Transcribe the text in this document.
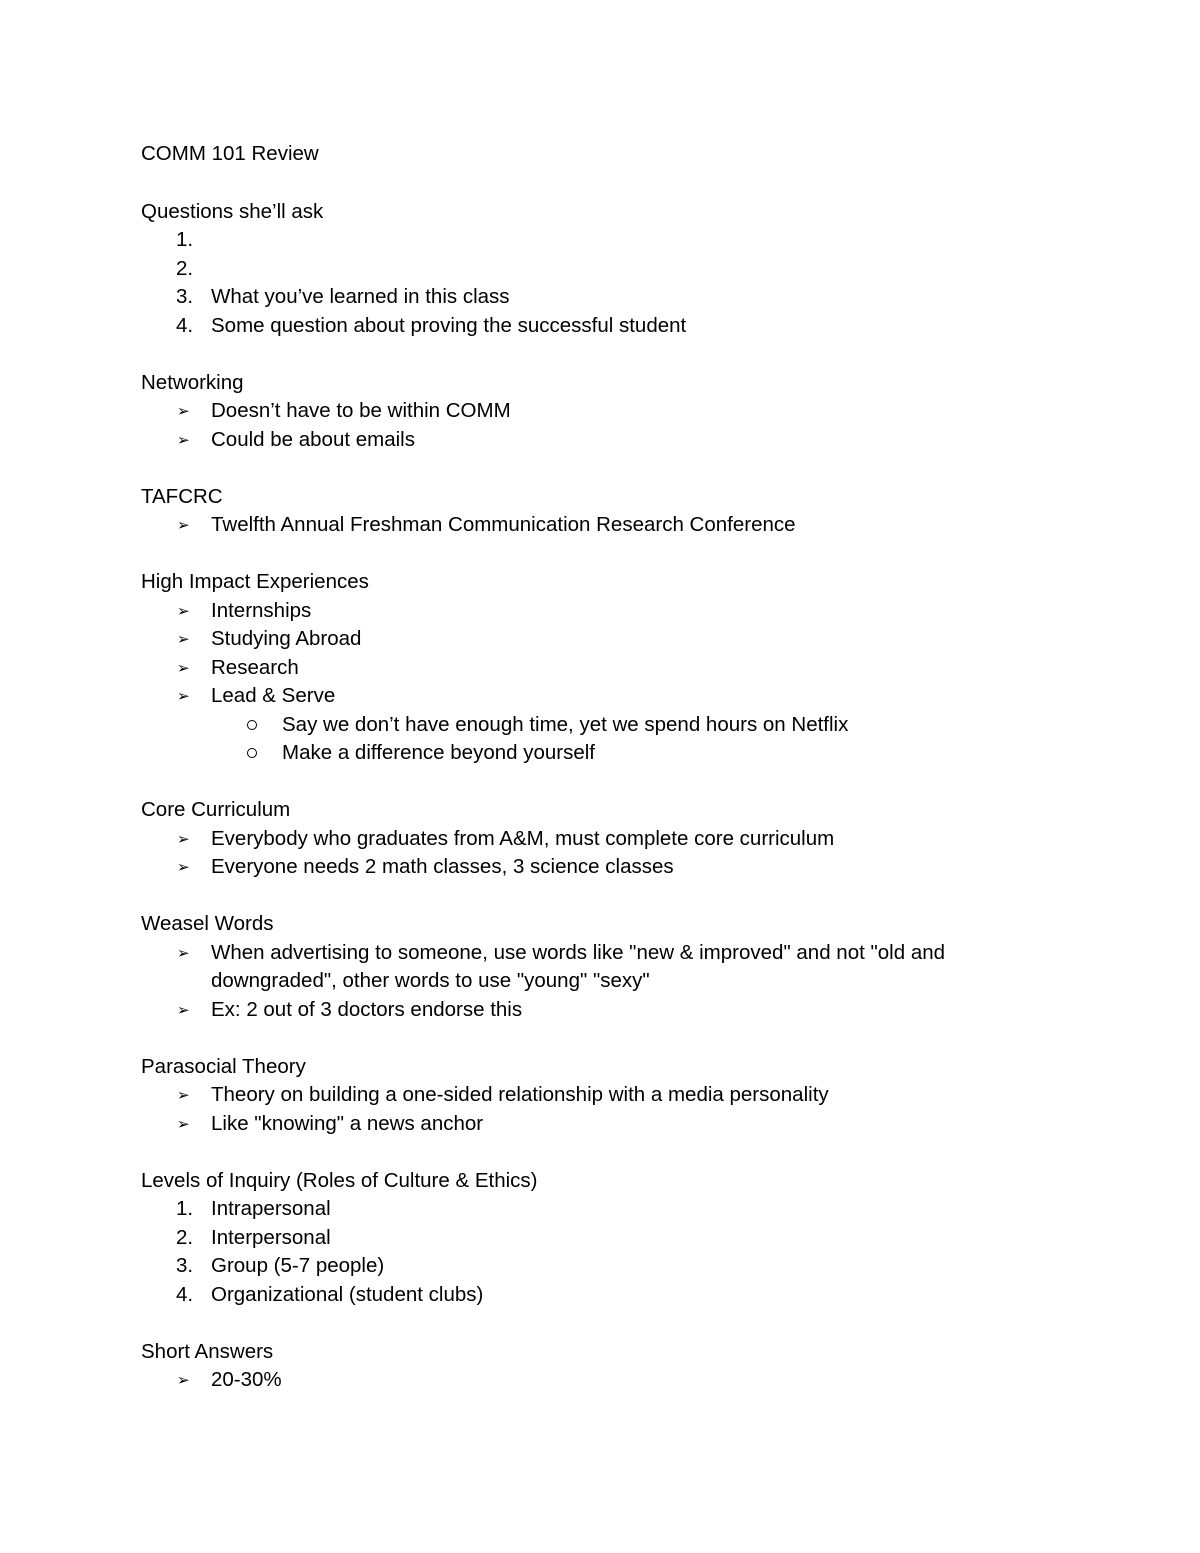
COMM 101 Review

Questions she’ll ask

1.
2.
3. What you’ve learned in this class
4. Some question about proving the successful student

Networking

➢	Doesn’t have to be within COMM
➢	Could be about emails

TAFCRC

➢	Twelfth Annual Freshman Communication Research Conference

High Impact Experiences

➢	Internships
➢	Studying Abroad
➢	Research
➢	Lead & Serve
Say we don’t have enough time, yet we spend hours on Netflix
Make a difference beyond yourself

Core Curriculum

➢	Everybody who graduates from A&M, must complete core curriculum
➢	Everyone needs 2 math classes, 3 science classes

Weasel Words

➢	When advertising to someone, use words like "new & improved" and not "old and downgraded", other words to use "young" "sexy"
➢	Ex: 2 out of 3 doctors endorse this

Parasocial Theory

➢	Theory on building a one-sided relationship with a media personality
➢	Like "knowing" a news anchor

Levels of Inquiry (Roles of Culture & Ethics)

1. Intrapersonal
2. Interpersonal
3. Group (5-7 people)
4. Organizational (student clubs)

Short Answers

➢	20-30%
